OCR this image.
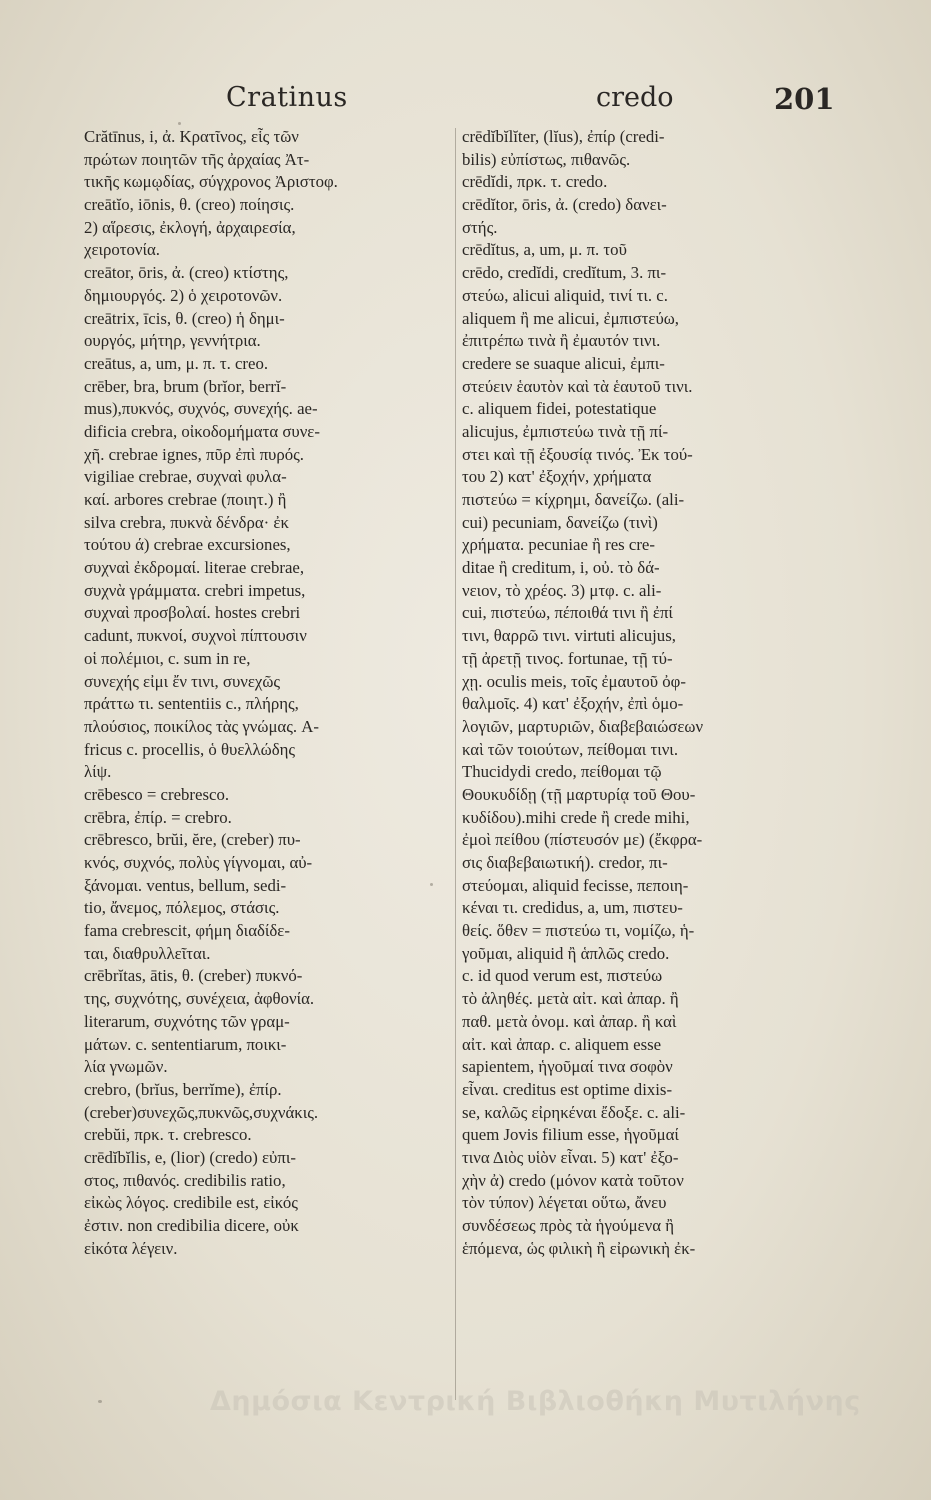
Cratinus	credo	201
Crătīnus, i, ἀ. Κρατῖνος, εἷς τῶν
πρώτων ποιητῶν τῆς ἀρχαίας Ἀτ-
τικῆς κωμῳδίας, σύγχρονος Ἀριστοφ.
creātĭo, iōnis, θ. (creo) ποίησις.
2) αἵρεσις, ἐκλογή, ἀρχαιρεσία,
χειροτονία.
creātor, ōris, ἀ. (creo) κτίστης,
δημιουργός. 2) ὁ χειροτονῶν.
creātrix, īcis, θ. (creo) ἡ δημι-
ουργός, μήτηρ, γεννήτρια.
creātus, a, um, μ. π. τ. creo.
crēber, bra, brum (brĭor, berrĭ-
mus),πυκνός, συχνός, συνεχής. ae-
dificia crebra, οἰκοδομήματα συνε-
χῆ. crebrae ignes, πῦρ ἐπὶ πυρός.
vigiliae crebrae, συχναὶ φυλα-
καί. arbores crebrae (ποιητ.) ἢ
silva crebra, πυκνὰ δένδρα· ἐκ
τούτου ά) crebrae excursiones,
συχναὶ ἐκδρομαί. literae crebrae,
συχνὰ γράμματα. crebri impetus,
συχναὶ προσβολαί. hostes crebri
cadunt, πυκνοί, συχνοὶ πίπτουσιν
οἱ πολέμιοι, c. sum in re,
συνεχής εἰμι ἔν τινι, συνεχῶς
πράττω τι. sententiis c., πλήρης,
πλούσιος, ποικίλος τὰς γνώμας. A-
fricus c. procellis, ὁ θυελλώδης
λίψ.
crēbesco = crebresco.
crēbra, ἐπίρ. = crebro.
crēbresco, brŭi, ĕre, (creber) πυ-
κνός, συχνός, πολὺς γίγνομαι, αὐ-
ξάνομαι. ventus, bellum, sedi-
tio, ἄνεμος, πόλεμος, στάσις.
fama crebrescit, φήμη διαδίδε-
ται, διαθρυλλεῖται.
crēbrĭtas, ātis, θ. (creber) πυκνό-
της, συχνότης, συνέχεια, ἀφθονία.
literarum, συχνότης τῶν γραμ-
μάτων. c. sententiarum, ποικι-
λία γνωμῶν.
crebro, (brĭus, berrĭme), ἐπίρ.
(creber)συνεχῶς,πυκνῶς,συχνάκις.
crebŭi, πρκ. τ. crebresco.
crēdĭbĭlis, e, (lior) (credo) εὐπι-
στος, πιθανός. credibilis ratio,
εἰκὼς λόγος. credibile est, εἰκός
ἐστιν. non credibilia dicere, οὐκ
εἰκότα λέγειν.
crēdĭbĭlĭter, (lĭus), ἐπίρ (credi-
bilis) εὐπίστως, πιθανῶς.
crēdĭdi, πρκ. τ. credo.
crēdĭtor, ōris, ἀ. (credo) δανει-
στής.
crēdĭtus, a, um, μ. π. τοῦ
crēdo, credĭdi, credĭtum, 3. πι-
στεύω, alicui aliquid, τινί τι. c.
aliquem ἢ me alicui, ἐμπιστεύω,
ἐπιτρέπω τινὰ ἢ ἐμαυτόν τινι.
credere se suaque alicui, ἐμπι-
στεύειν ἑαυτὸν καὶ τὰ ἑαυτοῦ τινι.
c. aliquem fidei, potestatique
alicujus, ἐμπιστεύω τινὰ τῇ πί-
στει καὶ τῇ ἐξουσίᾳ τινός. Ἐκ τού-
του 2) κατ' ἐξοχήν, χρήματα
πιστεύω = κίχρημι, δανείζω. (ali-
cui) pecuniam, δανείζω (τινὶ)
χρήματα. pecuniae ἢ res cre-
ditae ἢ creditum, i, οὐ. τὸ δά-
νειον, τὸ χρέος. 3) μτφ. c. ali-
cui, πιστεύω, πέποιθά τινι ἢ ἐπί
τινι, θαρρῶ τινι. virtuti alicujus,
τῇ ἀρετῇ τινος. fortunae, τῇ τύ-
χῃ. oculis meis, τοῖς ἐμαυτοῦ ὀφ-
θαλμοῖς. 4) κατ' ἐξοχήν, ἐπὶ ὁμο-
λογιῶν, μαρτυριῶν, διαβεβαιώσεων
καὶ τῶν τοιούτων, πείθομαι τινι.
Thucidydi credo, πείθομαι τῷ
Θουκυδίδῃ (τῇ μαρτυρίᾳ τοῦ Θου-
κυδίδου).mihi crede ἢ crede mihi,
ἐμοὶ πείθου (πίστευσόν με) (ἔκφρα-
σις διαβεβαιωτική). credor, πι-
στεύομαι, aliquid fecisse, πεποιη-
κέναι τι. credidus, a, um, πιστευ-
θείς. ὅθεν = πιστεύω τι, νομίζω, ἡ-
γοῦμαι, aliquid ἢ ἁπλῶς credo.
c. id quod verum est, πιστεύω
τὸ ἀληθές. μετὰ αἰτ. καὶ ἀπαρ. ἢ
παθ. μετὰ ὀνομ. καὶ ἀπαρ. ἢ καὶ
αἰτ. καὶ ἀπαρ. c. aliquem esse
sapientem, ἡγοῦμαί τινα σοφὸν
εἶναι. creditus est optime dixis-
se, καλῶς εἰρηκέναι ἔδοξε. c. ali-
quem Jovis filium esse, ἡγοῦμαί
τινα Διὸς υἱὸν εἶναι. 5) κατ' ἐξο-
χὴν ἀ) credo (μόνον κατὰ τοῦτον
τὸν τύπον) λέγεται οὕτω, ἄνευ
συνδέσεως πρὸς τὰ ἡγούμενα ἢ
ἑπόμενα, ὡς φιλικὴ ἢ εἰρωνικὴ ἐκ-
Δημόσια Κεντρική Βιβλιοθήκη Μυτιλήνης
